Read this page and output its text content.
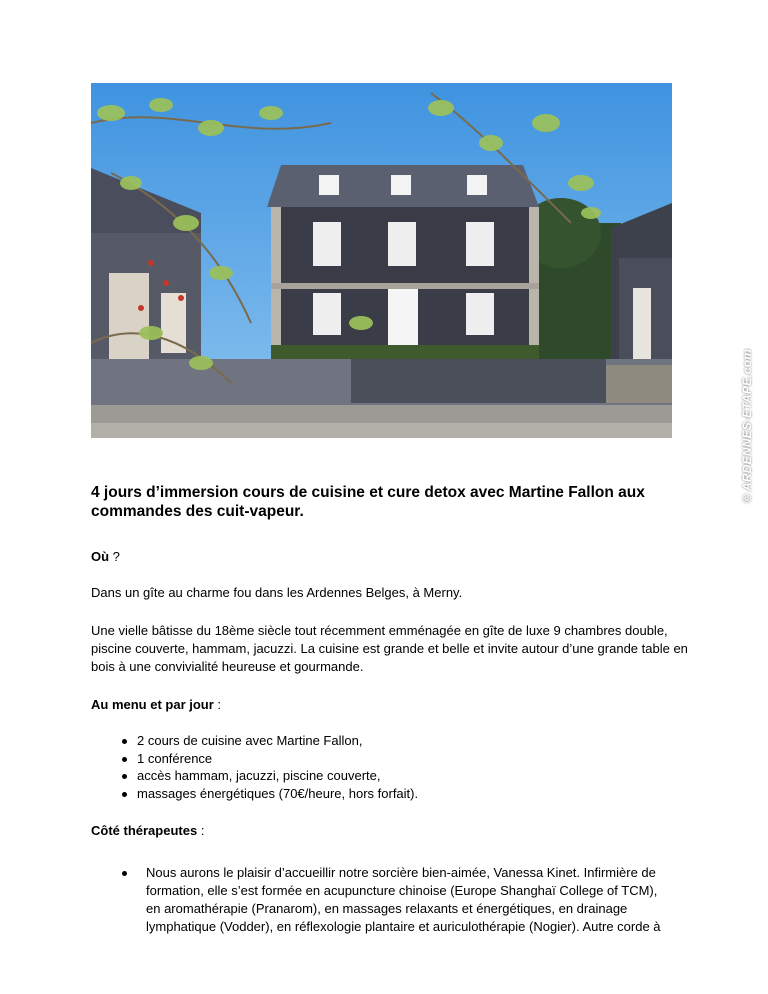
© ARDENNES-ETAPE.com
4 jours d’immersion cours de cuisine et cure detox avec Martine Fallon aux commandes des cuit-vapeur.

Où ?

Dans un gîte au charme fou dans les Ardennes Belges, à Merny.

Une vielle bâtisse du 18ème siècle tout récemment emménagée en gîte de luxe 9 chambres double, piscine couverte, hammam, jacuzzi. La cuisine est grande et belle et invite autour d’une grande table en bois à une convivialité heureuse et gourmande.

Au menu et par jour :

2 cours de cuisine avec Martine Fallon,
1 conférence
accès hammam, jacuzzi, piscine couverte,
massages énergétiques (70€/heure, hors forfait).

Côté thérapeutes :

Nous aurons le plaisir d’accueillir notre sorcière bien-aimée, Vanessa Kinet. Infirmière de formation, elle s’est formée en acupuncture chinoise (Europe Shanghaï College of TCM), en aromathérapie (Pranarom), en massages relaxants et énergétiques, en drainage lymphatique (Vodder), en réflexologie plantaire et auriculothérapie (Nogier). Autre corde à
